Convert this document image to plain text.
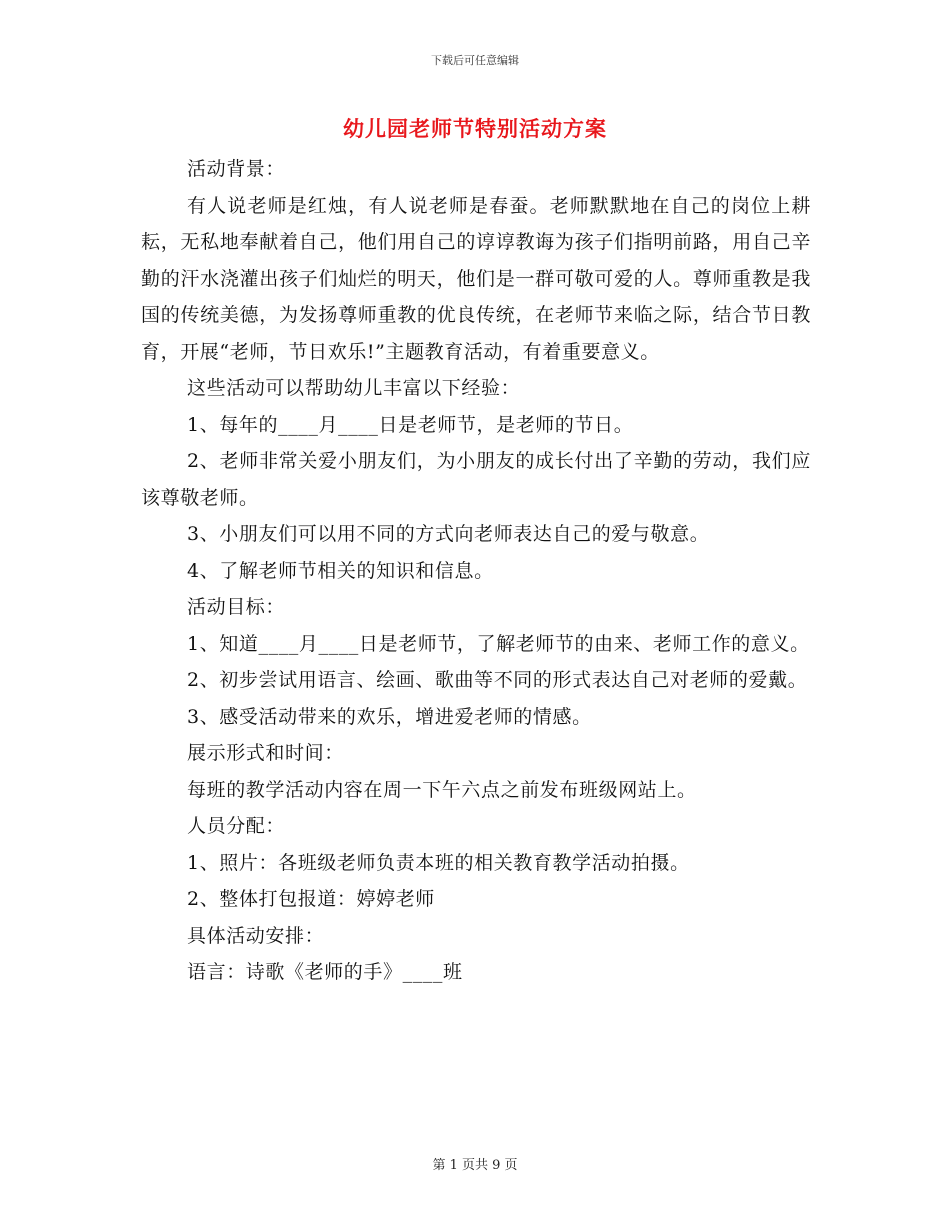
下载后可任意编辑
幼儿园老师节特别活动方案

活动背景：

有人说老师是红烛，有人说老师是春蚕。老师默默地在自己的岗位上耕耘，无私地奉献着自己，他们用自己的谆谆教诲为孩子们指明前路，用自己辛勤的汗水浇灌出孩子们灿烂的明天，他们是一群可敬可爱的人。尊师重教是我国的传统美德，为发扬尊师重教的优良传统，在老师节来临之际，结合节日教育，开展“老师，节日欢乐!”主题教育活动，有着重要意义。

这些活动可以帮助幼儿丰富以下经验：

1、每年的____月____日是老师节，是老师的节日。

2、老师非常关爱小朋友们，为小朋友的成长付出了辛勤的劳动，我们应该尊敬老师。

3、小朋友们可以用不同的方式向老师表达自己的爱与敬意。

4、了解老师节相关的知识和信息。

活动目标：

1、知道____月____日是老师节，了解老师节的由来、老师工作的意义。

2、初步尝试用语言、绘画、歌曲等不同的形式表达自己对老师的爱戴。

3、感受活动带来的欢乐，增进爱老师的情感。

展示形式和时间：

每班的教学活动内容在周一下午六点之前发布班级网站上。

人员分配：

1、照片：各班级老师负责本班的相关教育教学活动拍摄。

2、整体打包报道：婷婷老师

具体活动安排：

语言：诗歌《老师的手》____班

第 1 页共 9 页
